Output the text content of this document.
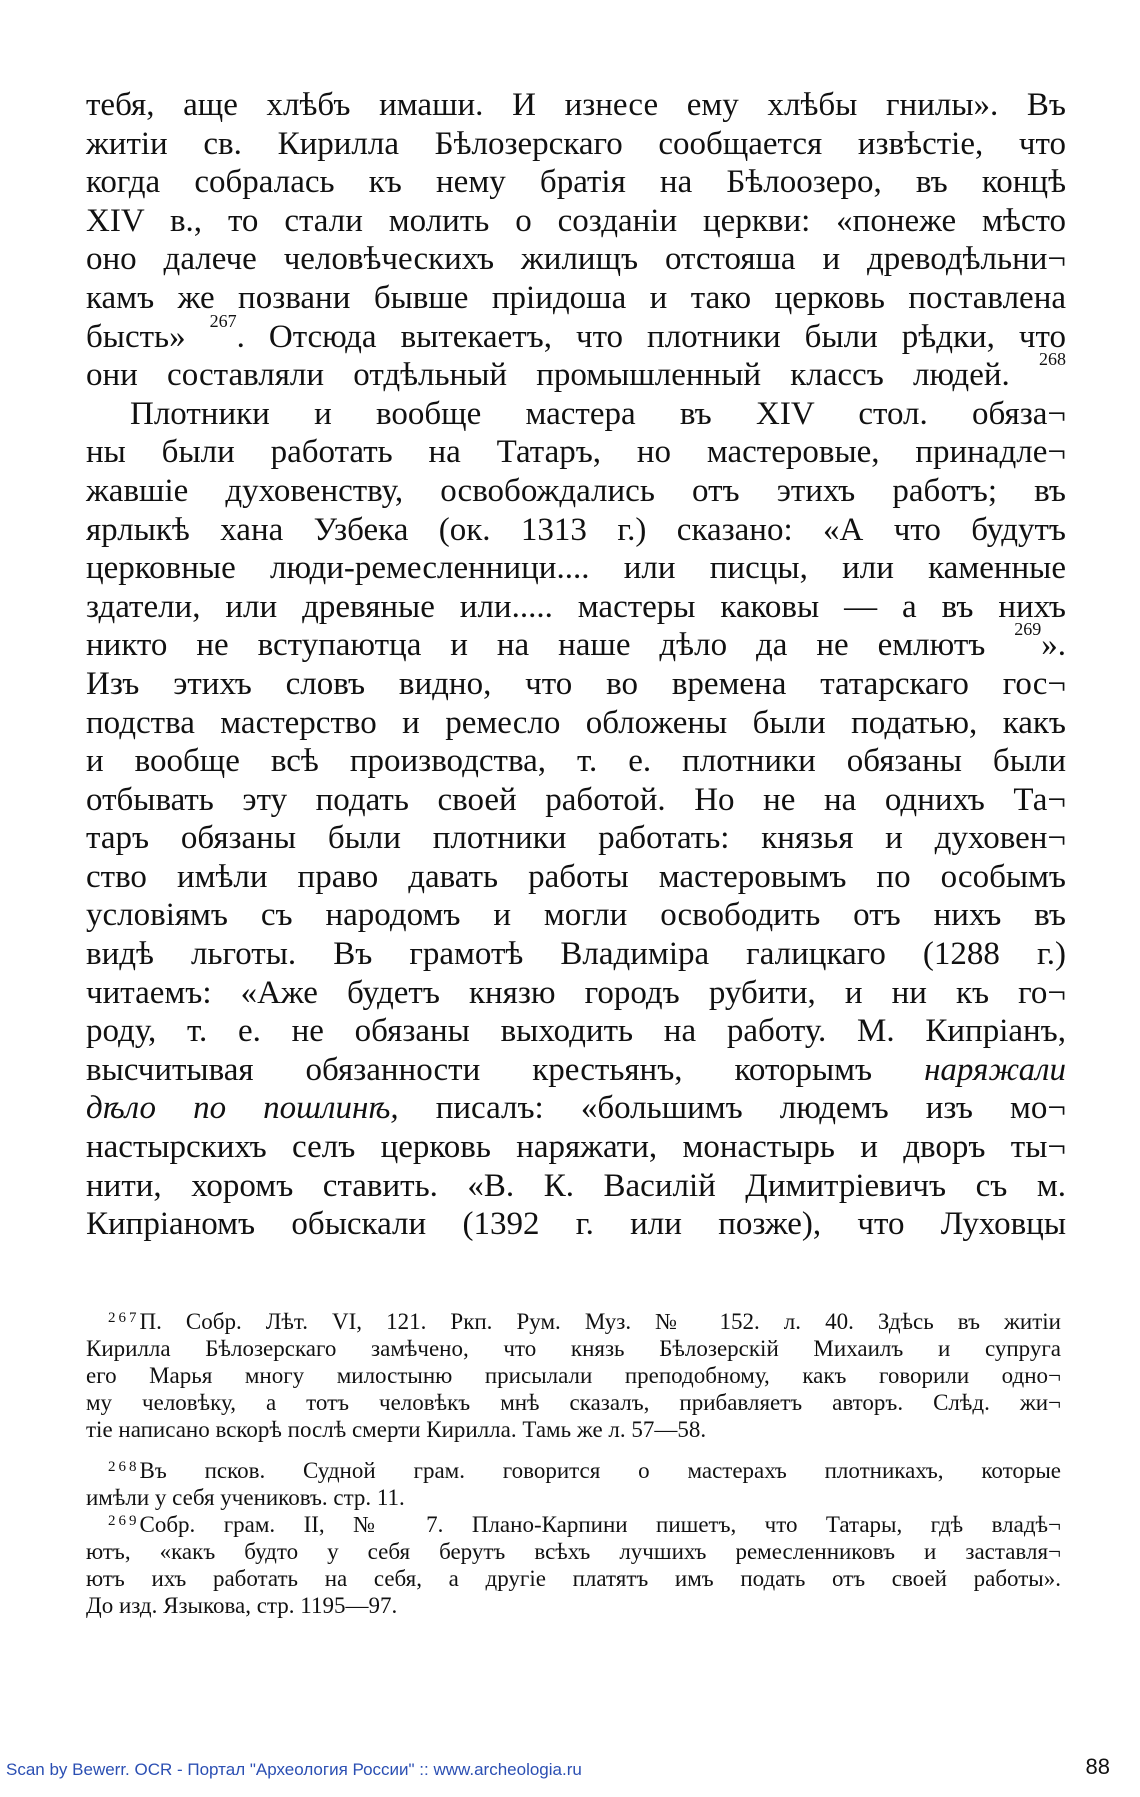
тебя, аще хлѣбъ имаши. И изнесе ему хлѣбы гнилы». Въ
житіи св. Кирилла Бѣлозерскаго сообщается извѣстіе, что
когда собралась къ нему братія на Бѣлоозеро, въ концѣ
XIV в., то стали молить о созданіи церкви: «понеже мѣсто
оно далече человѣческихъ жилищъ отстояша и древодѣльни¬
камъ же позвани бывше пріидоша и тако церковь поставлена
бысть» $^{267}$. Отсюда вытекаетъ, что плотники были рѣдки, что
они составляли отдѣльный промышленный классъ людей. $^{268}$
Плотники и вообще мастера въ XIV стол. обяза¬
ны были работать на Татаръ, но мастеровые, принадле¬
жавшіе духовенству, освобождались отъ этихъ работъ; въ
ярлыкѣ хана Узбека (ок. 1313 г.) сказано: «А что будутъ
церковные люди-ремесленници.... или писцы, или каменные
здатели, или древяные или..... мастеры каковы — а въ нихъ
никто не вступаютца и на наше дѣло да не емлютъ $^{269}$».
Изъ этихъ словъ видно, что во времена татарскаго гос¬
подства мастерство и ремесло обложены были податью, какъ
и вообще всѣ производства, т. е. плотники обязаны были
отбывать эту подать своей работой. Но не на однихъ Та¬
таръ обязаны были плотники работать: князья и духовен¬
ство имѣли право давать работы мастеровымъ по особымъ
условіямъ съ народомъ и могли освободить отъ нихъ въ
видѣ льготы. Въ грамотѣ Владиміра галицкаго (1288 г.)
читаемъ: «Аже будетъ князю городъ рубити, и ни къ го¬
роду, т. е. не обязаны выходить на работу. М. Кипріанъ,
высчитывая обязанности крестьянъ, которымъ наряжали
дѣло по пошлинѣ, писалъ: «большимъ людемъ изъ мо¬
настырскихъ селъ церковь наряжати, монастырь и дворъ ты¬
нити, хоромъ ставить. «В. К. Василій Димитріевичъ съ м.
Кипріаномъ обыскали (1392 г. или позже), что Луховцы
$^{267}$П. Собр. Лѣт. VI, 121. Ркп. Рум. Муз. № 152. л. 40. Здѣсь въ житіи
Кирилла Бѣлозерскаго замѣчено, что князь Бѣлозерскій Михаилъ и супруга
его Марья многу милостыню присылали преподобному, какъ говорили одно¬
му человѣку, а тотъ человѣкъ мнѣ сказалъ, прибавляетъ авторъ. Слѣд. жи¬
тіе написано вскорѣ послѣ смерти Кирилла. Тамь же л. 57—58.
$^{268}$Въ псков. Судной грам. говорится о мастерахъ плотникахъ, которые
имѣли у себя учениковъ. стр. 11.
$^{269}$Собр. грам. II, № 7. Плано-Карпини пишетъ, что Татары, гдѣ владѣ¬
ютъ, «какъ будто у себя берутъ всѣхъ лучшихъ ремесленниковъ и заставля¬
ютъ ихъ работать на себя, а другіе платятъ имъ подать отъ своей работы».
До изд. Языкова, стр. 1195—97.
Scan by Bewerr. OCR - Портал "Археология России" :: www.archeologia.ru	88
